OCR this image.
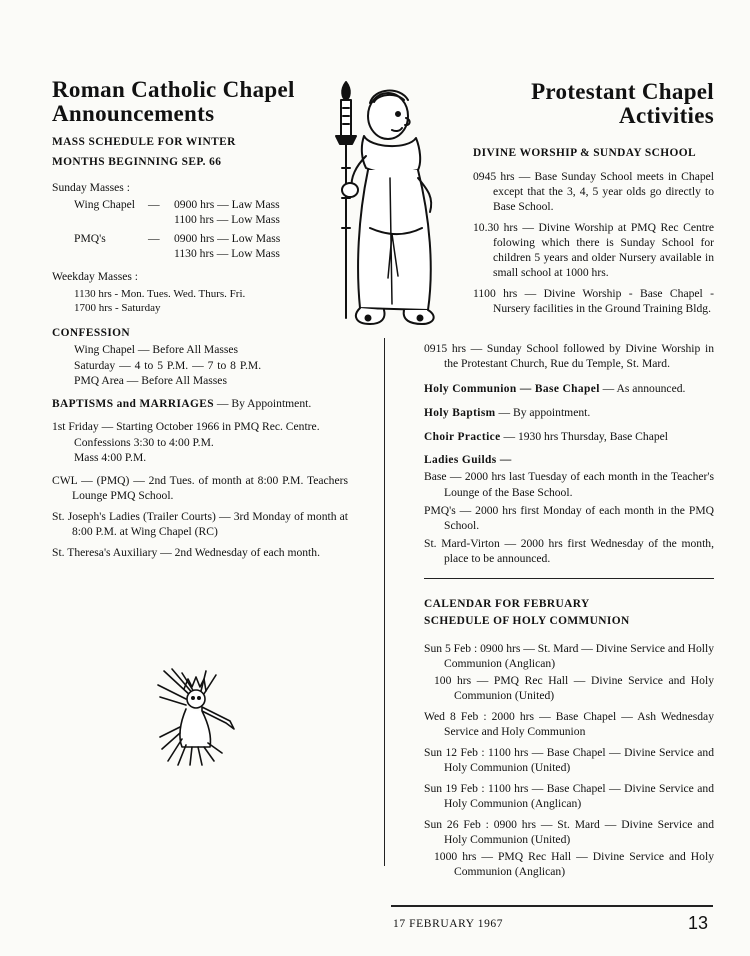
Roman Catholic Chapel
Announcements
MASS SCHEDULE FOR WINTER
MONTHS BEGINNING SEP. 66
Sunday Masses :
Wing Chapel	—	0900 hrs — Law Mass
1100 hrs — Low Mass
PMQ's	—	0900 hrs — Low Mass
1130 hrs — Low Mass
Weekday Masses :
1130 hrs - Mon. Tues. Wed. Thurs. Fri.
1700 hrs - Saturday
CONFESSION
Wing Chapel — Before All Masses
Saturday — 4 to 5 P.M. — 7 to 8 P.M.
PMQ Area — Before All Masses
BAPTISMS and MARRIAGES — By Appointment.
1st Friday — Starting October 1966 in PMQ Rec. Centre.
Confessions 3:30 to 4:00 P.M.
Mass 4:00 P.M.
CWL — (PMQ) — 2nd Tues. of month at 8:00 P.M. Teachers Lounge PMQ School.
St. Joseph's Ladies (Trailer Courts) — 3rd Monday of month at 8:00 P.M. at Wing Chapel (RC)
St. Theresa's Auxiliary — 2nd Wednesday of each month.
Protestant Chapel
Activities
DIVINE WORSHIP & SUNDAY SCHOOL
0945 hrs — Base Sunday School meets in Chapel except that the 3, 4, 5 year olds go directly to Base School.
10.30 hrs — Divine Worship at PMQ Rec Centre folowing which there is Sunday School for children 5 years and older Nursery available in small school at 1000 hrs.
1100 hrs — Divine Worship - Base Chapel - Nursery facilities in the Ground Training Bldg.
0915 hrs — Sunday School followed by Divine Worship in the Protestant Church, Rue du Temple, St. Mard.
Holy Communion — Base Chapel — As announced.
Holy Baptism — By appointment.
Choir Practice — 1930 hrs Thursday, Base Chapel
Ladies Guilds —
Base — 2000 hrs last Tuesday of each month in the Teacher's Lounge of the Base School.
PMQ's — 2000 hrs first Monday of each month in the PMQ School.
St. Mard-Virton — 2000 hrs first Wednesday of the month, place to be announced.
CALENDAR FOR FEBRUARY
SCHEDULE OF HOLY COMMUNION
Sun 5 Feb : 0900 hrs — St. Mard — Divine Service and Holly Communion (Anglican)
100 hrs — PMQ Rec Hall — Divine Service and Holy Communion (United)
Wed 8 Feb : 2000 hrs — Base Chapel — Ash Wednesday Service and Holy Communion
Sun 12 Feb : 1100 hrs — Base Chapel — Divine Service and Holy Communion (United)
Sun 19 Feb : 1100 hrs — Base Chapel — Divine Service and Holy Communion (Anglican)
Sun 26 Feb : 0900 hrs — St. Mard — Divine Service and Holy Communion (United)
1000 hrs — PMQ Rec Hall — Divine Service and Holy Communion (Anglican)
17 FEBRUARY 1967	13
